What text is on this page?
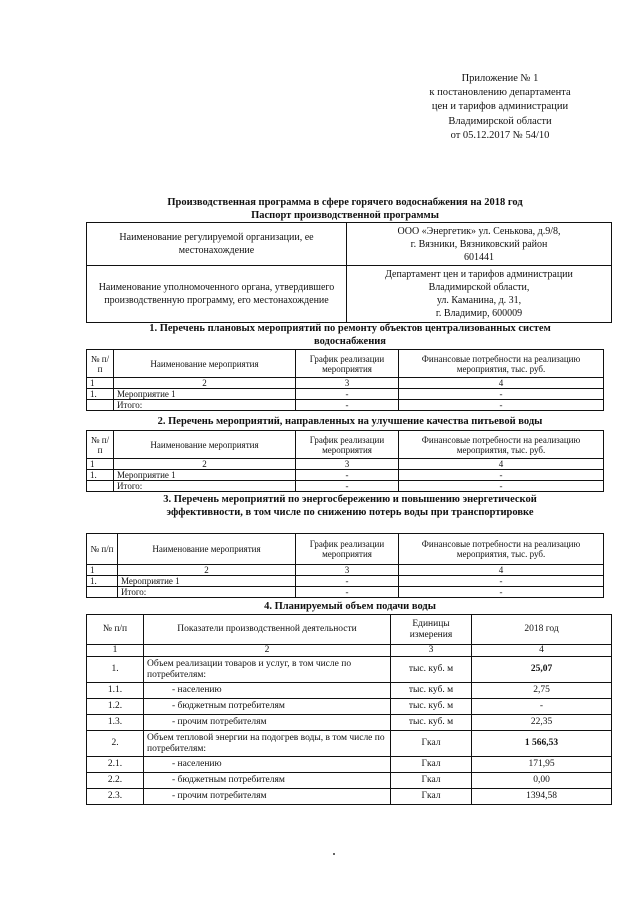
Приложение № 1
к постановлению департамента
цен и тарифов администрации
Владимирской области
от 05.12.2017 № 54/10
Производственная программа в сфере горячего водоснабжения на 2018 год
Паспорт производственной программы
Наименование регулируемой организации, ее местонахождение	ООО «Энергетик» ул. Сенькова, д.9/8,
г. Вязники, Вязниковский район
601441

Наименование уполномоченного органа, утвердившего производственную программу, его местонахождение	Департамент цен и тарифов администрации
Владимирской области,
ул. Каманина, д. 31,
г. Владимир, 600009
1. Перечень плановых мероприятий по ремонту объектов централизованных систем
водоснабжения
№ п/п	Наименование мероприятия	График реализации мероприятия	Финансовые потребности на реализацию мероприятия, тыс. руб.
1	2	3	4
1.	Мероприятие 1	-	-
	Итого:	-	-
2. Перечень мероприятий, направленных на улучшение качества питьевой воды
№ п/п	Наименование мероприятия	График реализации мероприятия	Финансовые потребности на реализацию мероприятия, тыс. руб.
1	2	3	4
1.	Мероприятие 1	-	-
	Итого:	-	-
3. Перечень мероприятий по энергосбережению и повышению энергетической
эффективности, в том числе по снижению потерь воды при транспортировке
№ п/п	Наименование мероприятия	График реализации мероприятия	Финансовые потребности на реализацию мероприятия, тыс. руб.
1	2	3	4
1.	Мероприятие 1	-	-
	Итого:	-	-
4. Планируемый объем подачи воды
№ п/п	Показатели производственной деятельности	Единицы измерения	2018 год
1	2	3	4
1.	Объем реализации товаров и услуг, в том числе по потребителям:	тыс. куб. м	25,07
1.1.	- населению	тыс. куб. м	2,75
1.2.	- бюджетным потребителям	тыс. куб. м	-
1.3.	- прочим потребителям	тыс. куб. м	22,35
2.	Объем тепловой энергии на подогрев воды, в том числе по потребителям:	Гкал	1 566,53
2.1.	- населению	Гкал	171,95
2.2.	- бюджетным потребителям	Гкал	0,00
2.3.	- прочим потребителям	Гкал	1394,58
